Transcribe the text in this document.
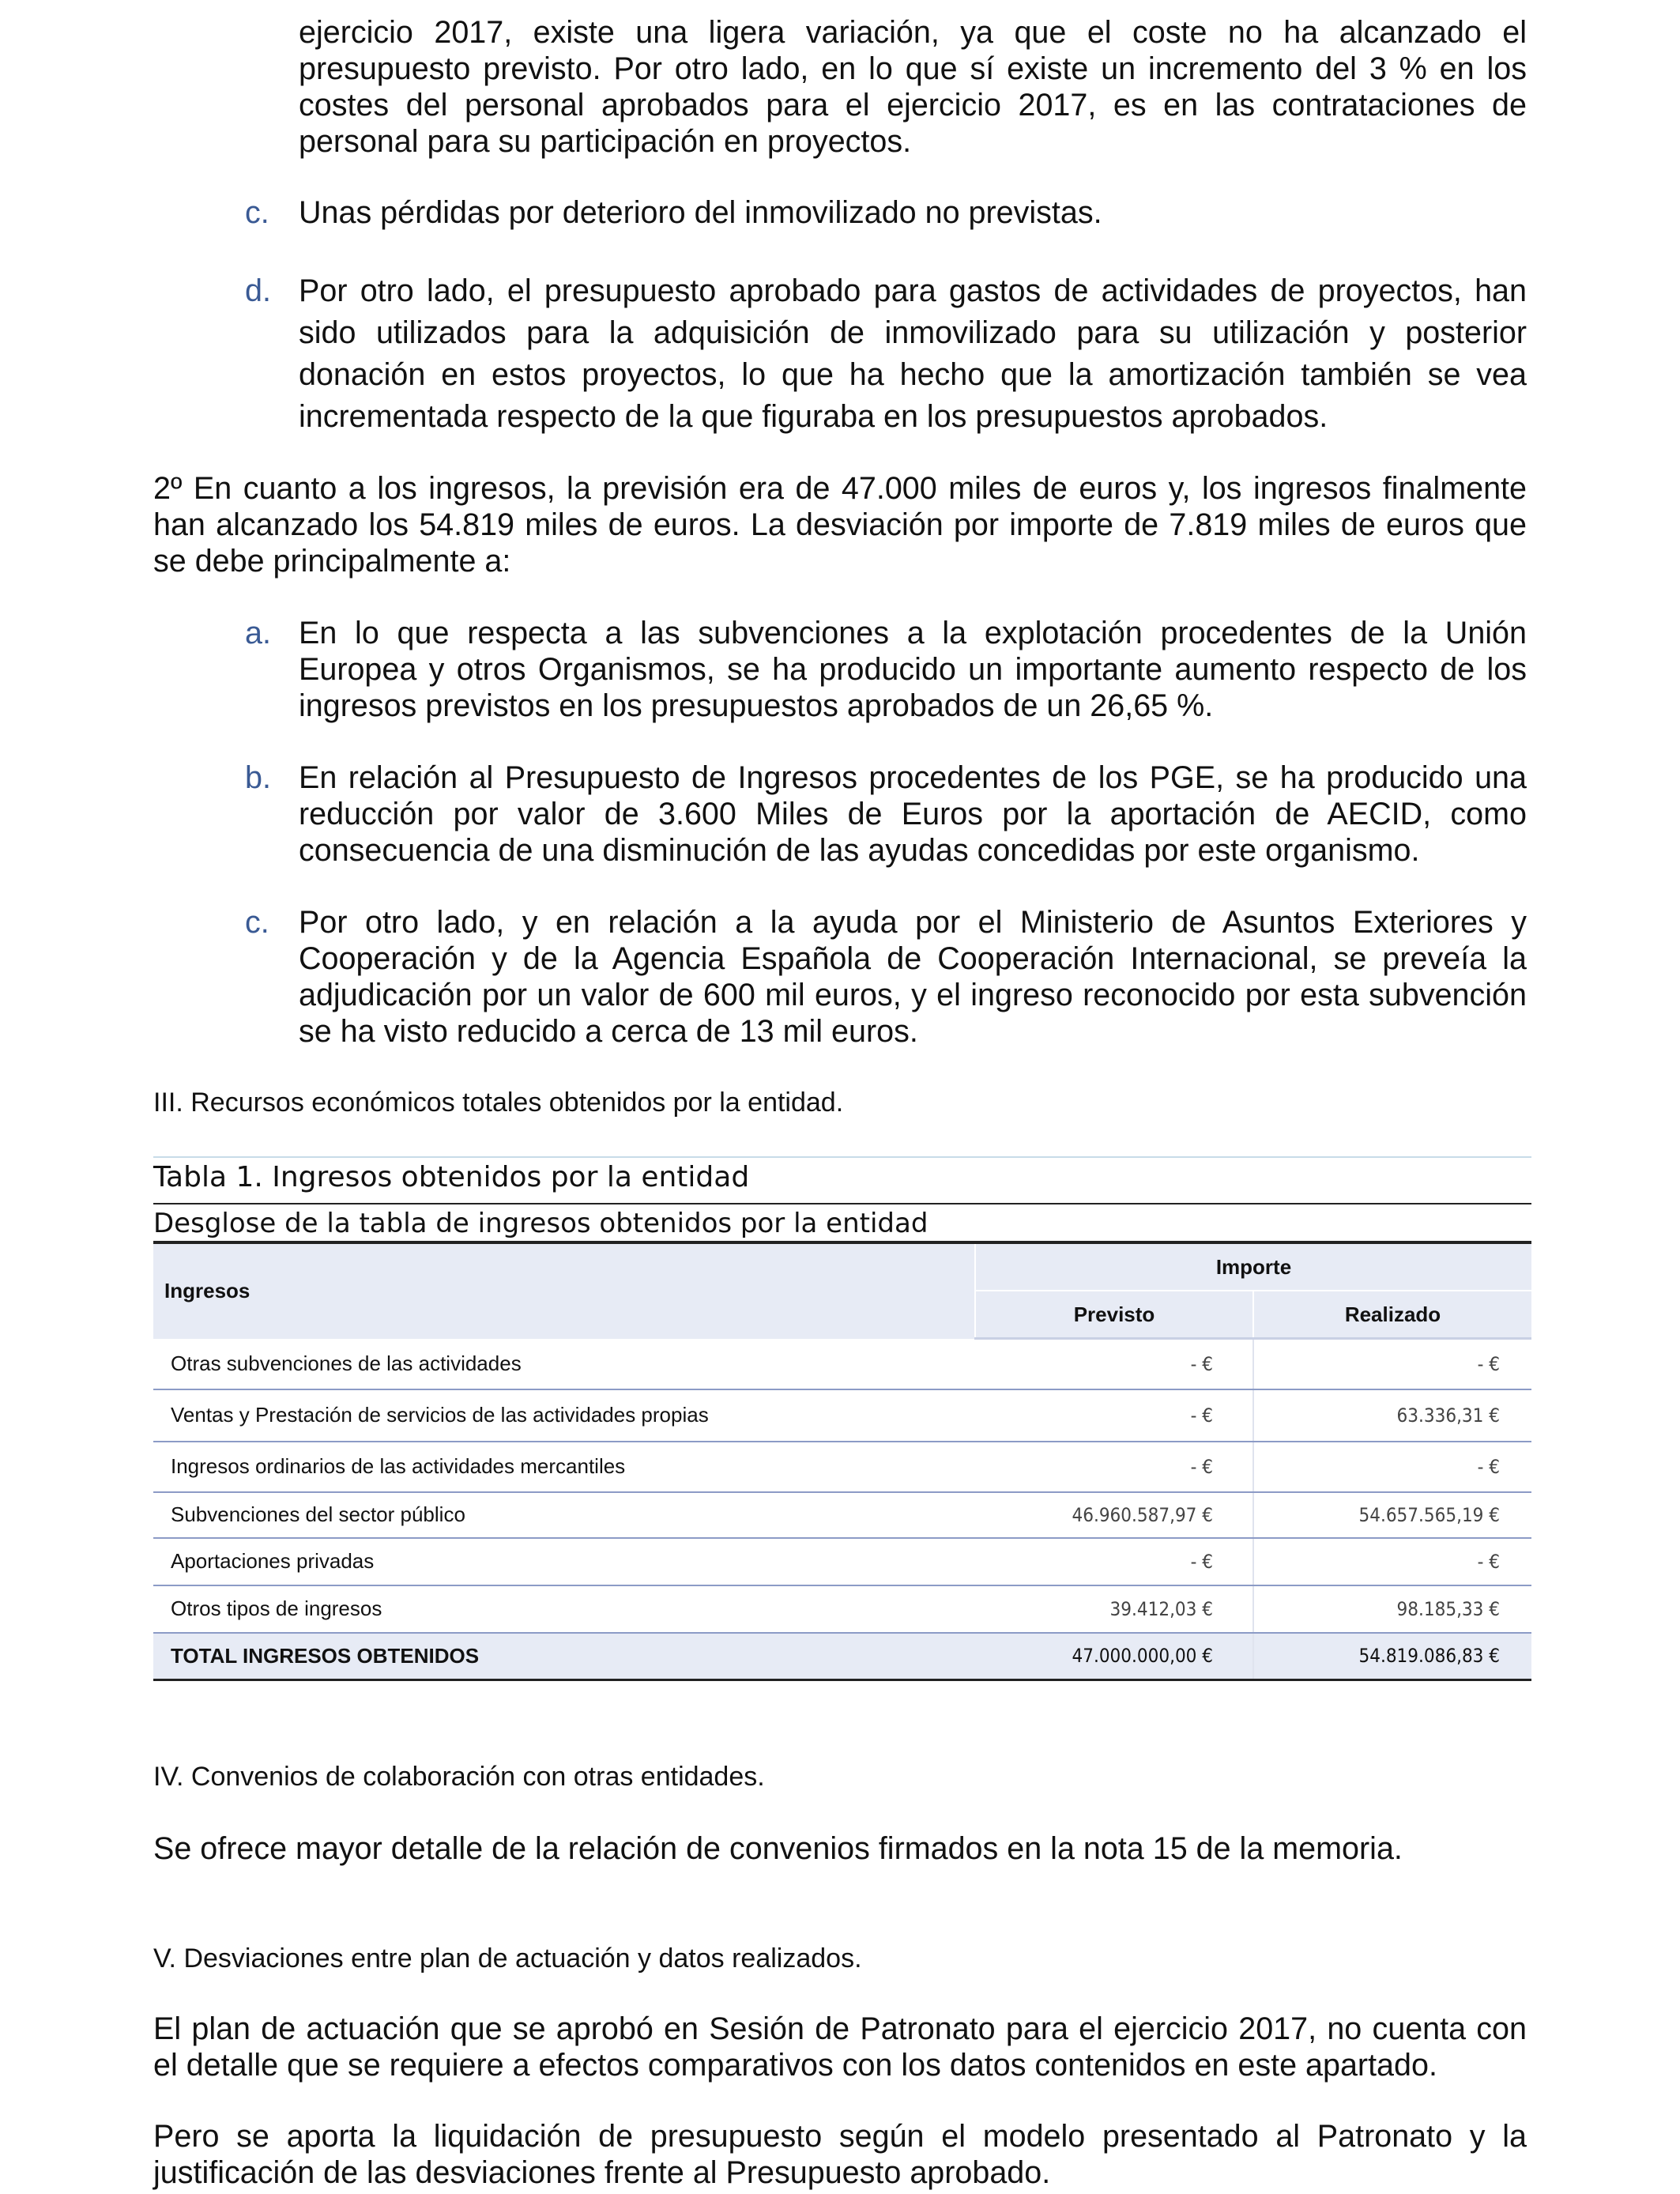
ejercicio 2017, existe una ligera variación, ya que el coste no ha alcanzado el presupuesto previsto. Por otro lado, en lo que sí existe un incremento del 3 % en los costes del personal aprobados para el ejercicio 2017, es en las contrataciones de personal para su participación en proyectos.

c. Unas pérdidas por deterioro del inmovilizado no previstas.
d. Por otro lado, el presupuesto aprobado para gastos de actividades de proyectos, han sido utilizados para la adquisición de inmovilizado para su utilización y posterior donación en estos proyectos, lo que ha hecho que la amortización también se vea incrementada respecto de la que figuraba en los presupuestos aprobados.

2º En cuanto a los ingresos, la previsión era de 47.000 miles de euros y, los ingresos finalmente han alcanzado los 54.819 miles de euros. La desviación por importe de 7.819 miles de euros que se debe principalmente a:

a. En lo que respecta a las subvenciones a la explotación procedentes de la Unión Europea y otros Organismos, se ha producido un importante aumento respecto de los ingresos previstos en los presupuestos aprobados de un 26,65 %.
b. En relación al Presupuesto de Ingresos procedentes de los PGE, se ha producido una reducción por valor de 3.600 Miles de Euros por la aportación de AECID, como consecuencia de una disminución de las ayudas concedidas por este organismo.
c. Por otro lado, y en relación a la ayuda por el Ministerio de Asuntos Exteriores y Cooperación y de la Agencia Española de Cooperación Internacional, se preveía la adjudicación por un valor de 600 mil euros, y el ingreso reconocido por esta subvención se ha visto reducido a cerca de 13 mil euros.

III. Recursos económicos totales obtenidos por la entidad.

Tabla 1. Ingresos obtenidos por la entidad

Desglose de la tabla de ingresos obtenidos por la entidad

Ingresos	Importe	
	Previsto	Realizado
Otras subvenciones de las actividades	- €	- €
Ventas y Prestación de servicios de las actividades propias	- €	63.336,31 €
Ingresos ordinarios de las actividades mercantiles	- €	- €
Subvenciones del sector público	46.960.587,97 €	54.657.565,19 €
Aportaciones privadas	- €	- €
Otros tipos de ingresos	39.412,03 €	98.185,33 €
TOTAL INGRESOS OBTENIDOS	47.000.000,00 €	54.819.086,83 €

IV. Convenios de colaboración con otras entidades.

Se ofrece mayor detalle de la relación de convenios firmados en la nota 15 de la memoria.

V. Desviaciones entre plan de actuación y datos realizados.

El plan de actuación que se aprobó en Sesión de Patronato para el ejercicio 2017, no cuenta con el detalle que se requiere a efectos comparativos con los datos contenidos en este apartado.

Pero se aporta la liquidación de presupuesto según el modelo presentado al Patronato y la justificación de las desviaciones frente al Presupuesto aprobado.
